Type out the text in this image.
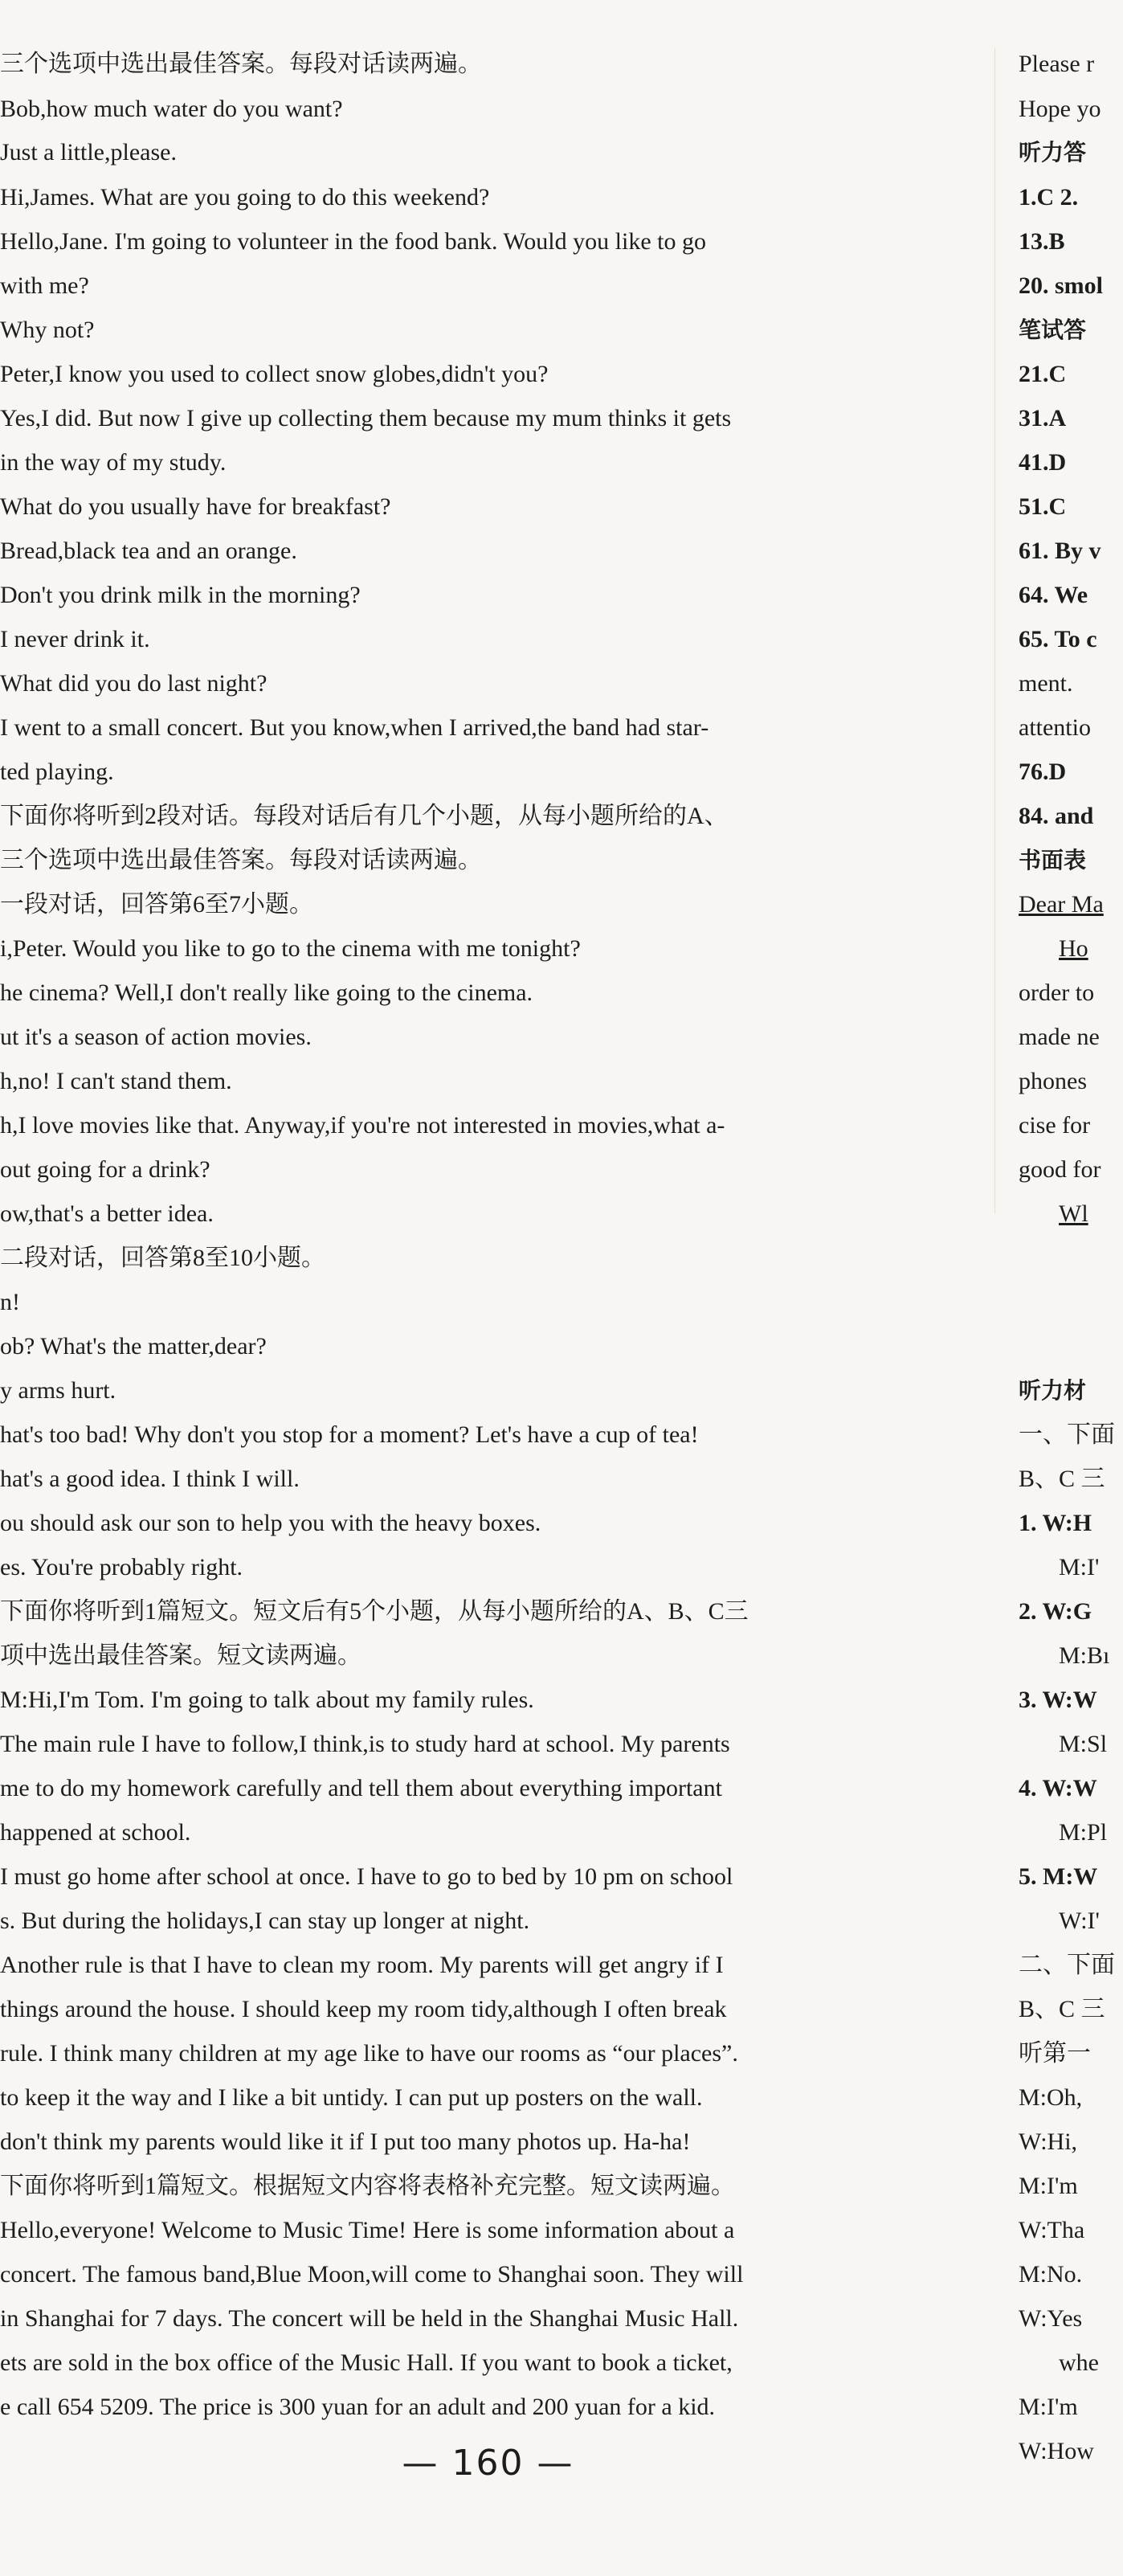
三个选项中选出最佳答案。每段对话读两遍。
Bob,how much water do you want?
Just a little,please.
Hi,James. What are you going to do this weekend?
Hello,Jane. I'm going to volunteer in the food bank. Would you like to go
with me?
Why not?
Peter,I know you used to collect snow globes,didn't you?
Yes,I did. But now I give up collecting them because my mum thinks it gets
in the way of my study.
What do you usually have for breakfast?
Bread,black tea and an orange.
Don't you drink milk in the morning?
I never drink it.
What did you do last night?
I went to a small concert. But you know,when I arrived,the band had star-
ted playing.
下面你将听到2段对话。每段对话后有几个小题，从每小题所给的A、
三个选项中选出最佳答案。每段对话读两遍。
一段对话，回答第6至7小题。
i,Peter. Would you like to go to the cinema with me tonight?
he cinema? Well,I don't really like going to the cinema.
ut it's a season of action movies.
h,no! I can't stand them.
h,I love movies like that. Anyway,if you're not interested in movies,what a-
out going for a drink?
ow,that's a better idea.
二段对话，回答第8至10小题。
n!
ob? What's the matter,dear?
y arms hurt.
hat's too bad! Why don't you stop for a moment? Let's have a cup of tea!
hat's a good idea. I think I will.
ou should ask our son to help you with the heavy boxes.
es. You're probably right.
下面你将听到1篇短文。短文后有5个小题，从每小题所给的A、B、C三
项中选出最佳答案。短文读两遍。
M:Hi,I'm Tom. I'm going to talk about my family rules.
The main rule I have to follow,I think,is to study hard at school. My parents
me to do my homework carefully and tell them about everything important
happened at school.
I must go home after school at once. I have to go to bed by 10 pm on school
s. But during the holidays,I can stay up longer at night.
Another rule is that I have to clean my room. My parents will get angry if I
things around the house. I should keep my room tidy,although I often break
rule. I think many children at my age like to have our rooms as “our places”.
to keep it the way and I like a bit untidy. I can put up posters on the wall.
don't think my parents would like it if I put too many photos up. Ha-ha!
下面你将听到1篇短文。根据短文内容将表格补充完整。短文读两遍。
Hello,everyone! Welcome to Music Time! Here is some information about a
concert. The famous band,Blue Moon,will come to Shanghai soon. They will
in Shanghai for 7 days. The concert will be held in the Shanghai Music Hall.
ets are sold in the box office of the Music Hall. If you want to book a ticket,
e call 654 5209. The price is 300 yuan for an adult and 200 yuan for a kid.
Please r
Hope yo
听力答
1.C 2.
13.B
20. smol
笔试答
21.C
31.A
41.D
51.C
61. By v
64. We
65. To c
ment.
attentio
76.D
84. and
书面表
Dear Ma
Ho
order to
made ne
phones
cise for
good for
Wl
听力材
一、下面
B、C 三
1. W:H
M:I'
2. W:G
M:Bı
3. W:W
M:Sl
4. W:W
M:Pl
5. M:W
W:I'
二、下面
B、C 三
听第一
M:Oh,
W:Hi,
M:I'm
W:Tha
M:No.
W:Yes
whe
M:I'm
W:How
— 160 —
